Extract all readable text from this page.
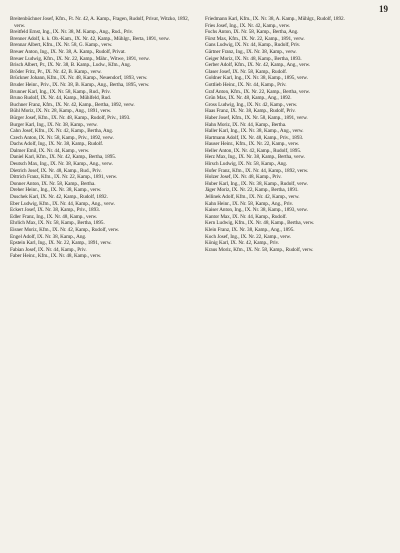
19

Breitenbüchner Josef, Kfm., Ft. Nr. 42, A. Kamp., Fragen, Rudolf, Privat, Witzko, 1892, verw.

Breitfeld Ernst, Ing., IX. Nr. 38, M. Kamp., Ang., Rud., Priv.

Brenner Adolf, k. k. Ob.-Kam., IX. Nr. 42, Kamp., Mühlgr., Berta, 1891, verw.

Brennar Albert, Kfm., IX. Nr. 58, G. Kamp., verw.

Breuer Anton, Ing., IX. Nr. 38, A. Kamp., Rudolf, Privat.

Breuer Ludwig, Kfm., IX. Nr. 22, Kamp., Mähr., Witwe, 1891, verw.

Brisch Albert, Pr., IX. Nr. 38, B. Kamp., Ludw., Kfm., Ang.

Bröder Fritz, Pr., IX. Nr. 42, B. Kamp., verw.

Brückner Johann, Kfm., IX. Nr. 48, Kamp., Neuendorf, 1893, verw.

Bruder Heinr., Priv., IX. Nr. 38, B. Kamp., Ang., Bertha, 1895, verw.

Brunner Karl, Ing., IX. Nr. 58, Kamp., Rud., Priv.

Bruno Rudolf, IX. Nr. 44, Kamp., Mühlfeld, Rud.

Buchner Franz, Kfm., IX. Nr. 42, Kamp., Bertha, 1892, verw.

Bühl Moriz, IX. Nr. 28, Kamp., Ang., 1891, verw.

Bürger Josef, Kfm., IX. Nr. 48, Kamp., Rudolf, Priv., 1893.

Burger Karl, Ing., IX. Nr. 38, Kamp., verw.

Cahn Josef, Kfm., IX. Nr. 42, Kamp., Bertha, Ang.

Czech Anton, IX. Nr. 58, Kamp., Priv., 1892, verw.

Dachs Adolf, Ing., IX. Nr. 38, Kamp., Rudolf.

Dalmer Emil, IX. Nr. 44, Kamp., verw.

Daniel Karl, Kfm., IX. Nr. 42, Kamp., Bertha, 1895.

Deutsch Max, Ing., IX. Nr. 38, Kamp., Ang., verw.

Dietrich Josef, IX. Nr. 48, Kamp., Rud., Priv.

Dittrich Franz, Kfm., IX. Nr. 22, Kamp., 1891, verw.

Donner Anton, IX. Nr. 58, Kamp., Bertha.

Dreher Heinr., Ing., IX. Nr. 38, Kamp., verw.

Duschek Karl, IX. Nr. 42, Kamp., Rudolf, 1892.

Eber Ludwig, Kfm., IX. Nr. 44, Kamp., Ang., verw.

Eckert Josef, IX. Nr. 38, Kamp., Priv., 1893.

Edler Franz, Ing., IX. Nr. 48, Kamp., verw.

Ehrlich Max, IX. Nr. 58, Kamp., Bertha, 1895.

Eisner Moriz, Kfm., IX. Nr. 42, Kamp., Rudolf, verw.

Engel Adolf, IX. Nr. 38, Kamp., Ang.

Epstein Karl, Ing., IX. Nr. 22, Kamp., 1891, verw.

Fabian Josef, IX. Nr. 44, Kamp., Priv.

Faber Heinr., Kfm., IX. Nr. 48, Kamp., verw.

Friedmann Karl, Kfm., IX. Nr. 38, A. Kamp., Mühlgr., Rudolf, 1892.

Fries Josef, Ing., IX. Nr. 42, Kamp., verw.

Fuchs Anton, IX. Nr. 58, Kamp., Bertha, Ang.

Fürst Max, Kfm., IX. Nr. 22, Kamp., 1891, verw.

Gans Ludwig, IX. Nr. 44, Kamp., Rudolf, Priv.

Gärtner Franz, Ing., IX. Nr. 38, Kamp., verw.

Geiger Moriz, IX. Nr. 48, Kamp., Bertha, 1893.

Gerber Adolf, Kfm., IX. Nr. 42, Kamp., Ang., verw.

Glaser Josef, IX. Nr. 58, Kamp., Rudolf.

Goldner Karl, Ing., IX. Nr. 38, Kamp., 1895, verw.

Gottlieb Heinr., IX. Nr. 44, Kamp., Priv.

Graf Anton, Kfm., IX. Nr. 22, Kamp., Bertha, verw.

Grün Max, IX. Nr. 48, Kamp., Ang., 1892.

Gross Ludwig, Ing., IX. Nr. 42, Kamp., verw.

Haas Franz, IX. Nr. 38, Kamp., Rudolf, Priv.

Haber Josef, Kfm., IX. Nr. 58, Kamp., 1891, verw.

Hahn Moriz, IX. Nr. 44, Kamp., Bertha.

Haller Karl, Ing., IX. Nr. 38, Kamp., Ang., verw.

Hartmann Adolf, IX. Nr. 48, Kamp., Priv., 1893.

Hauser Heinr., Kfm., IX. Nr. 22, Kamp., verw.

Heller Anton, IX. Nr. 42, Kamp., Rudolf, 1895.

Herz Max, Ing., IX. Nr. 38, Kamp., Bertha, verw.

Hirsch Ludwig, IX. Nr. 58, Kamp., Ang.

Hofer Franz, Kfm., IX. Nr. 44, Kamp., 1892, verw.

Holzer Josef, IX. Nr. 48, Kamp., Priv.

Huber Karl, Ing., IX. Nr. 38, Kamp., Rudolf, verw.

Jäger Moriz, IX. Nr. 22, Kamp., Bertha, 1891.

Jellinek Adolf, Kfm., IX. Nr. 42, Kamp., verw.

Kahn Heinr., IX. Nr. 58, Kamp., Ang., Priv.

Kaiser Anton, Ing., IX. Nr. 38, Kamp., 1893, verw.

Kantor Max, IX. Nr. 44, Kamp., Rudolf.

Kern Ludwig, Kfm., IX. Nr. 48, Kamp., Bertha, verw.

Klein Franz, IX. Nr. 38, Kamp., Ang., 1895.

Koch Josef, Ing., IX. Nr. 22, Kamp., verw.

König Karl, IX. Nr. 42, Kamp., Priv.

Kraus Moriz, Kfm., IX. Nr. 58, Kamp., Rudolf, verw.
